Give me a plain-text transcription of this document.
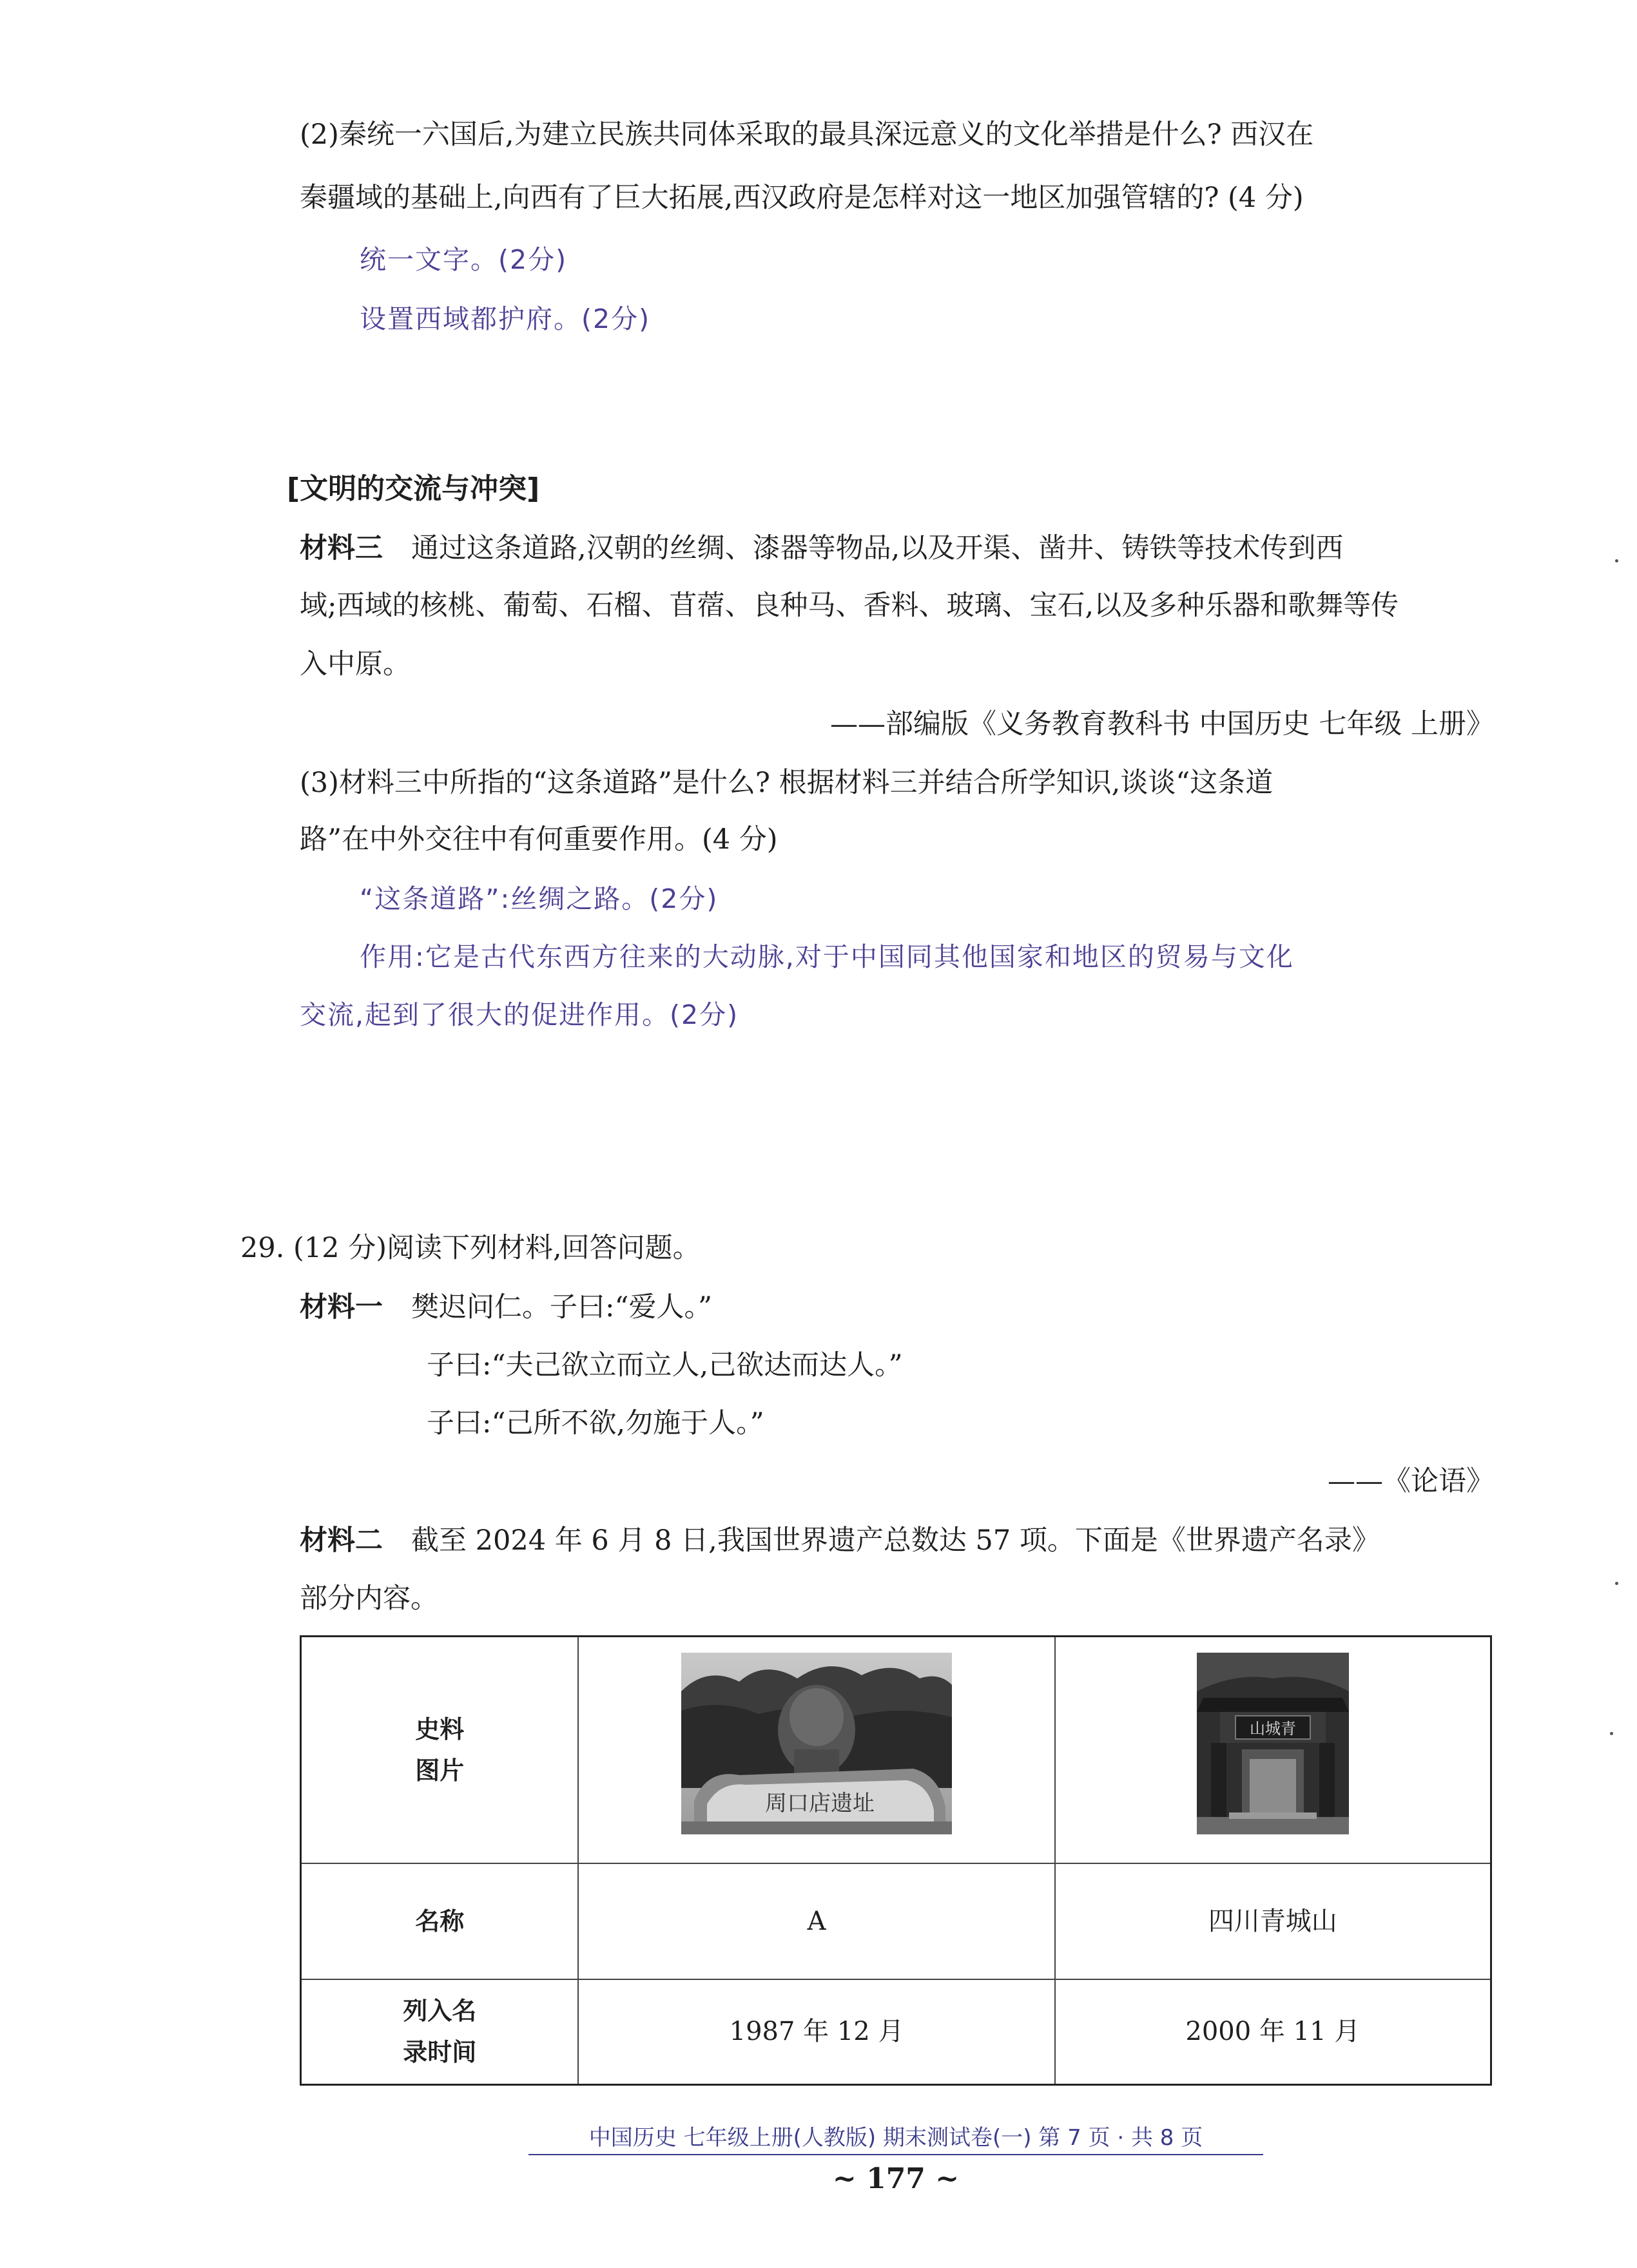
(2)秦统一六国后,为建立民族共同体采取的最具深远意义的文化举措是什么? 西汉在
秦疆域的基础上,向西有了巨大拓展,西汉政府是怎样对这一地区加强管辖的? (4 分)
统一文字。(2分)
设置西域都护府。(2分)
[文明的交流与冲突]
材料三 通过这条道路,汉朝的丝绸、漆器等物品,以及开渠、凿井、铸铁等技术传到西
域;西域的核桃、葡萄、石榴、苜蓿、良种马、香料、玻璃、宝石,以及多种乐器和歌舞等传
入中原。
——部编版《义务教育教科书 中国历史 七年级 上册》
(3)材料三中所指的“这条道路”是什么? 根据材料三并结合所学知识,谈谈“这条道
路”在中外交往中有何重要作用。(4 分)
“这条道路”:丝绸之路。(2分)
作用:它是古代东西方往来的大动脉,对于中国同其他国家和地区的贸易与文化
交流,起到了很大的促进作用。(2分)
29. (12 分)阅读下列材料,回答问题。
材料一 樊迟问仁。子曰:“爱人。”
子曰:“夫己欲立而立人,己欲达而达人。”
子曰:“己所不欲,勿施于人。”
——《论语》
材料二 截至 2024 年 6 月 8 日,我国世界遗产总数达 57 项。下面是《世界遗产名录》
部分内容。
史料
图片	周口店遗址	山城青

名称	A	四川青城山

列入名
录时间	1987 年 12 月	2000 年 11 月
中国历史 七年级上册(人教版) 期末测试卷(一) 第 7 页 · 共 8 页
~ 177 ~
